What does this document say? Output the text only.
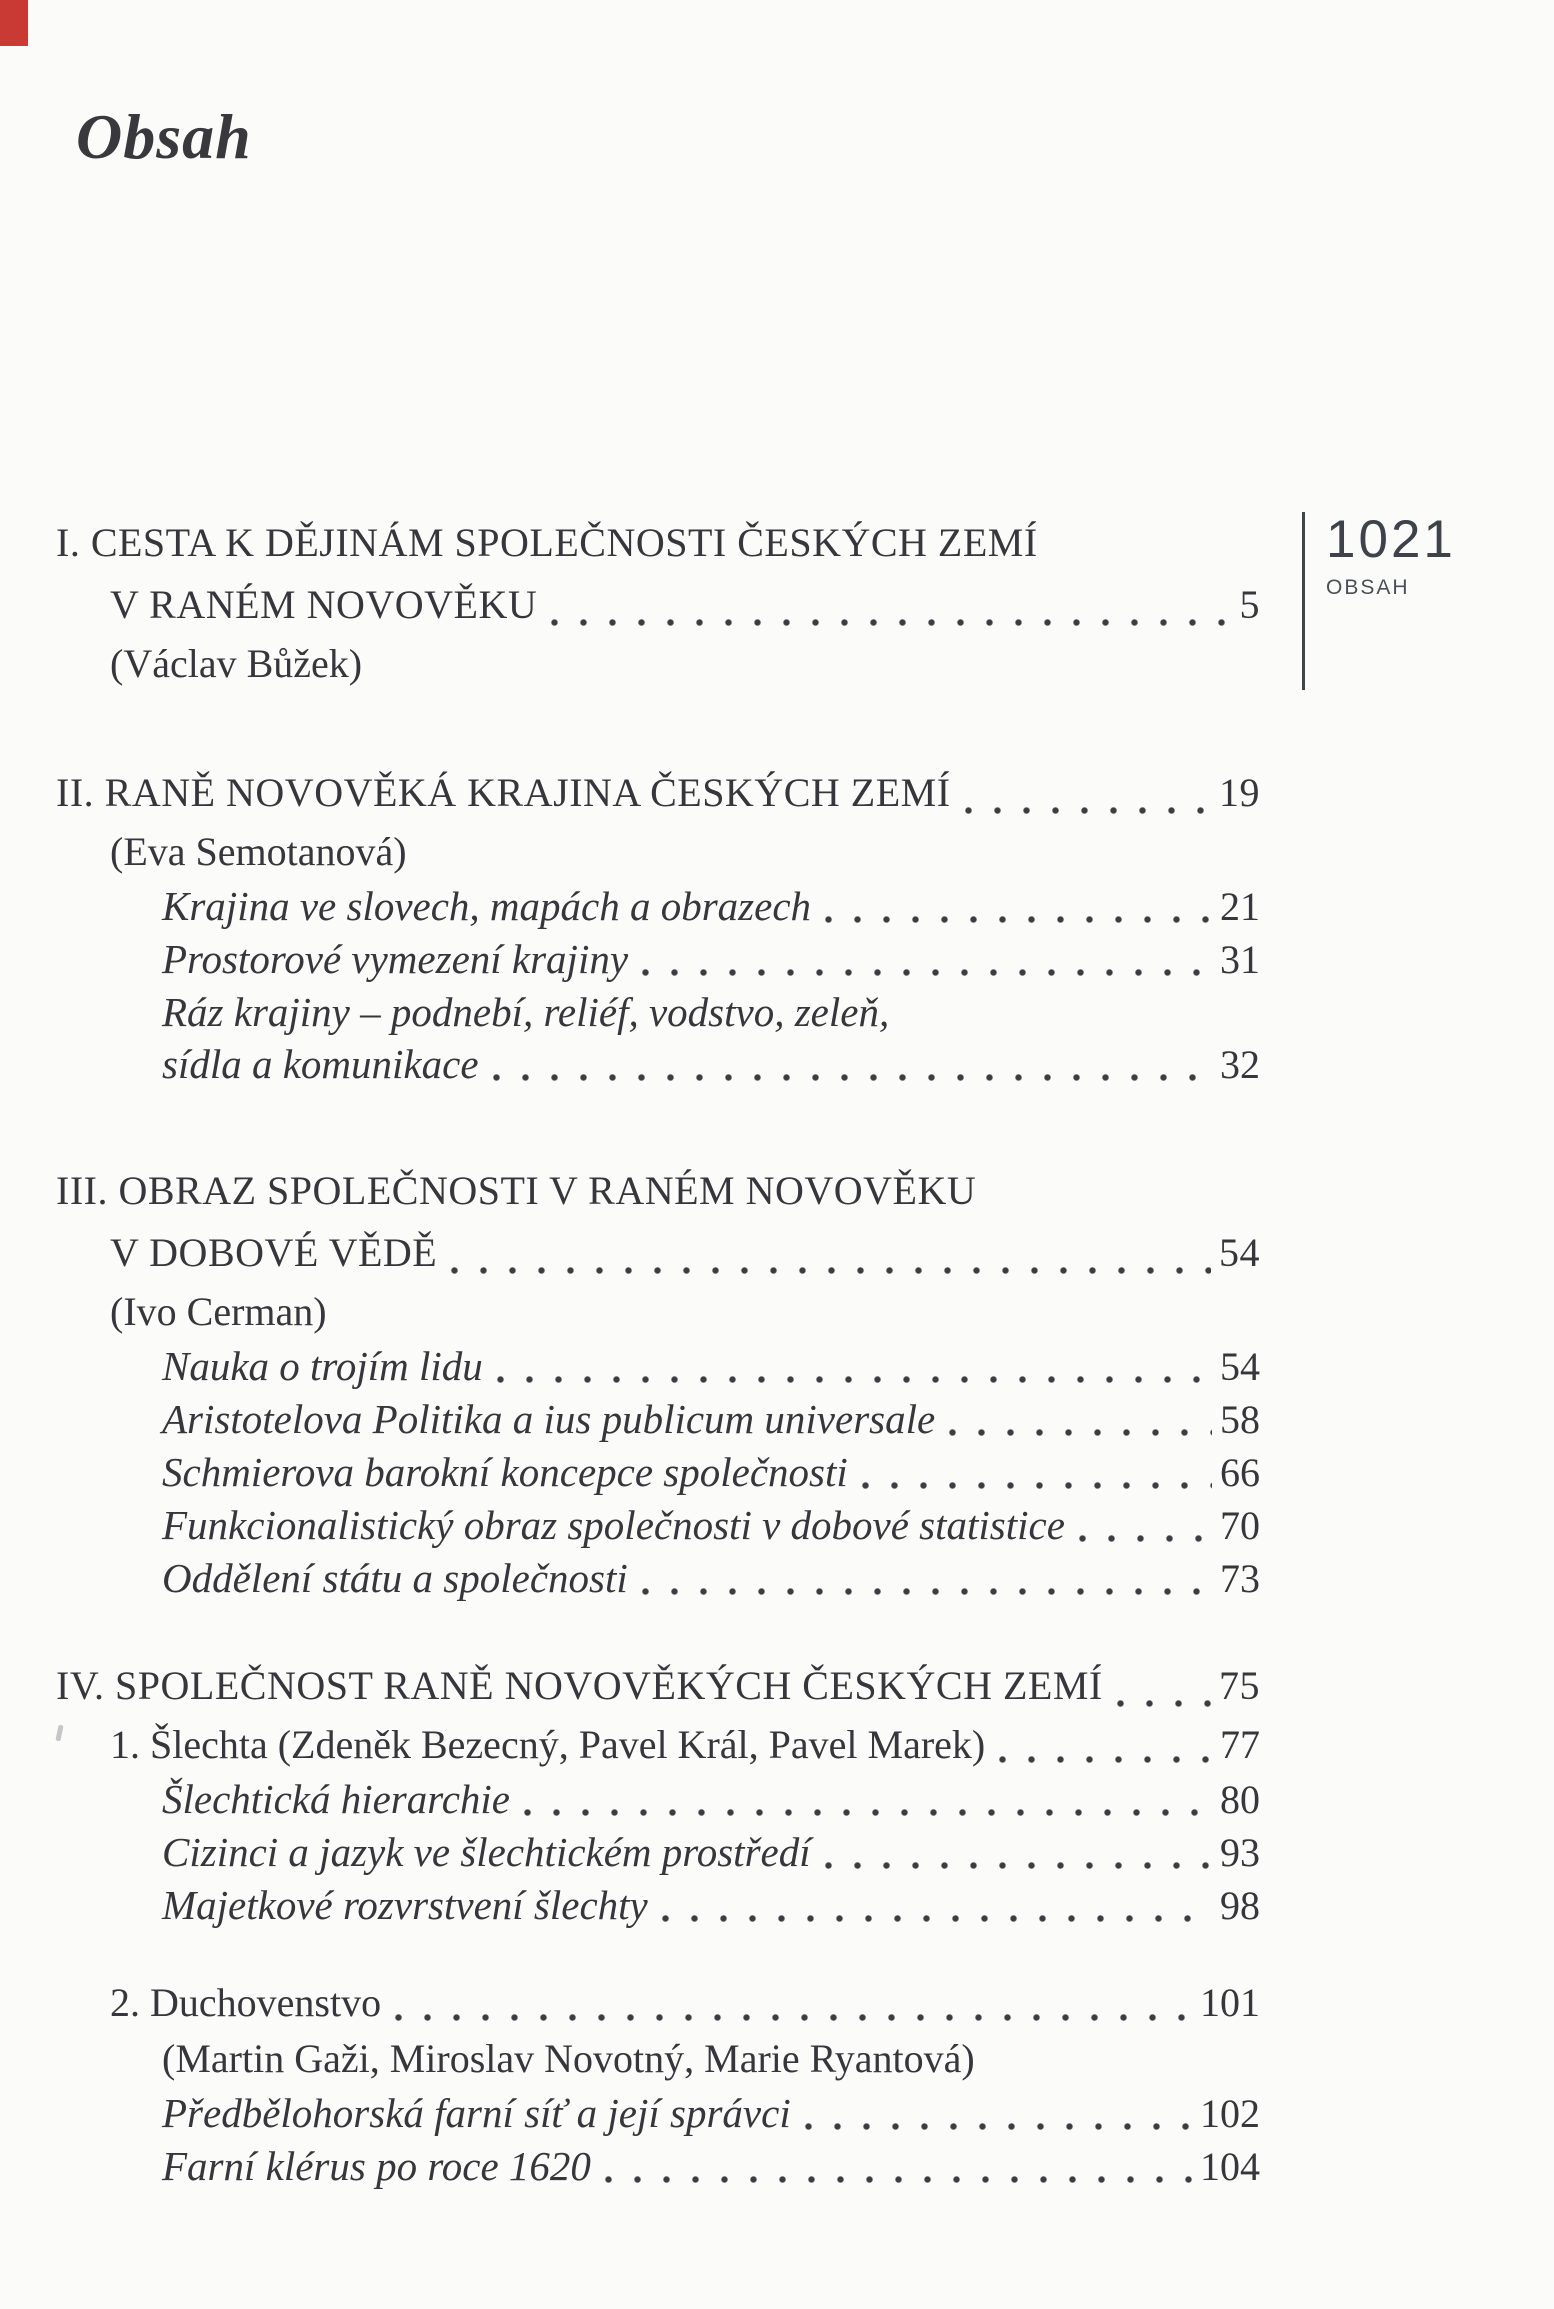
Obsah
1021
OBSAH
I. CESTA K DĚJINÁM SPOLEČNOSTI ČESKÝCH ZEMÍ
V RANÉM NOVOVĚKU	5
(Václav Bůžek)
II. RANĚ NOVOVĚKÁ KRAJINA ČESKÝCH ZEMÍ	19
(Eva Semotanová)
Krajina ve slovech, mapách a obrazech	21
Prostorové vymezení krajiny	31
Ráz krajiny – podnebí, reliéf, vodstvo, zeleň,
sídla a komunikace	32
III. OBRAZ SPOLEČNOSTI V RANÉM NOVOVĚKU
V DOBOVÉ VĚDĚ	54
(Ivo Cerman)
Nauka o trojím lidu	54
Aristotelova Politika a ius publicum universale	58
Schmierova barokní koncepce společnosti	66
Funkcionalistický obraz společnosti v dobové statistice	70
Oddělení státu a společnosti	73
IV. SPOLEČNOST RANĚ NOVOVĚKÝCH ČESKÝCH ZEMÍ	75
1. Šlechta (Zdeněk Bezecný, Pavel Král, Pavel Marek)	77
Šlechtická hierarchie	80
Cizinci a jazyk ve šlechtickém prostředí	93
Majetkové rozvrstvení šlechty	98
2. Duchovenstvo	101
(Martin Gaži, Miroslav Novotný, Marie Ryantová)
Předbělohorská farní síť a její správci	102
Farní klérus po roce 1620	104
